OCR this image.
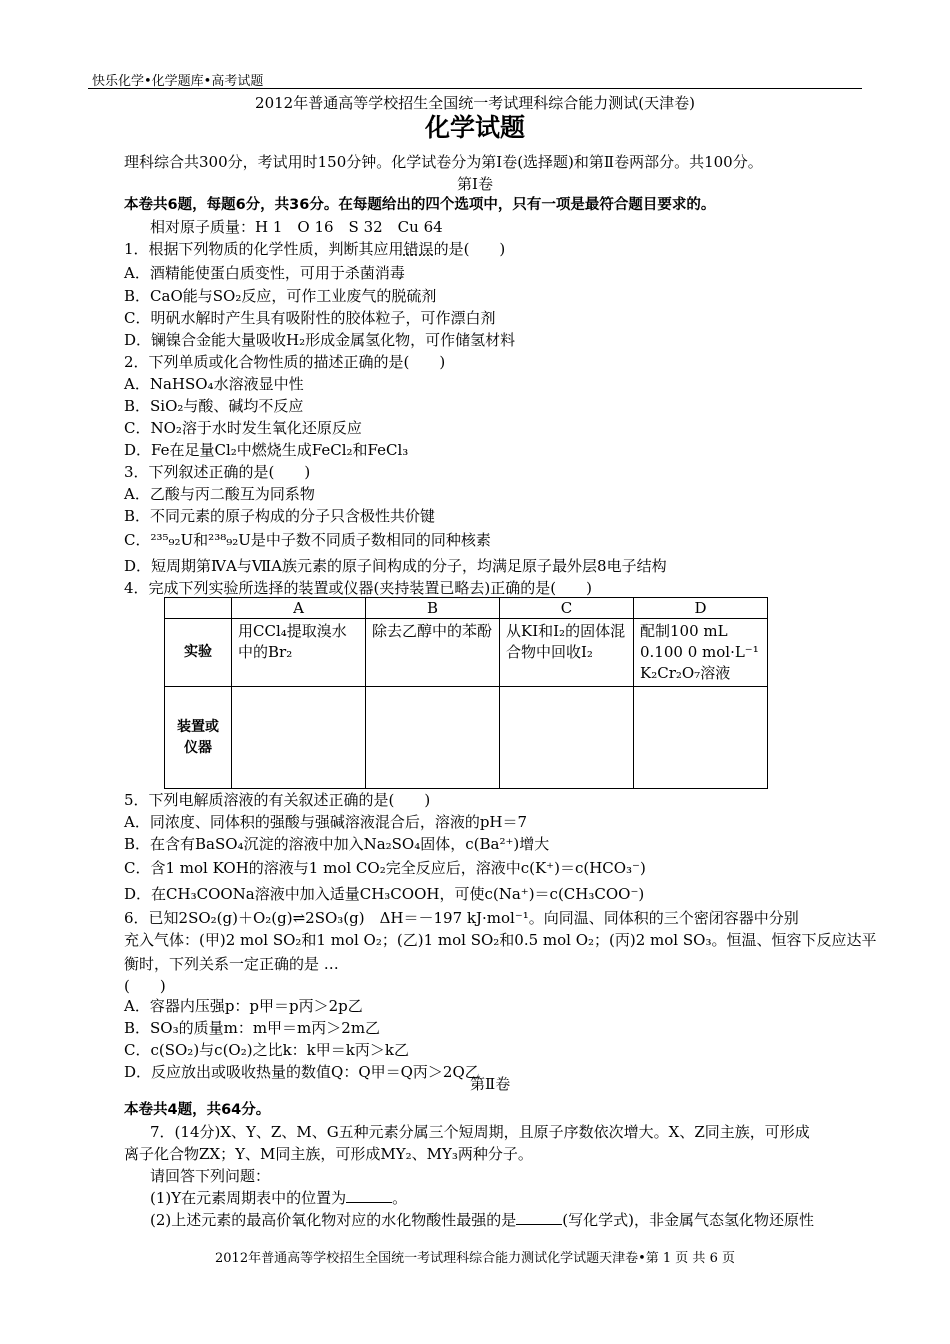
快乐化学•化学题库•高考试题
2012年普通高等学校招生全国统一考试理科综合能力测试(天津卷)
化学试题
理科综合共300分，考试用时150分钟。化学试卷分为第Ⅰ卷(选择题)和第Ⅱ卷两部分。共100分。
第Ⅰ卷
本卷共6题，每题6分，共36分。在每题给出的四个选项中，只有一项是最符合题目要求的。
相对原子质量：H 1　O 16　S 32　Cu 64
1．根据下列物质的化学性质，判断其应用错误的是(　　)
A．酒精能使蛋白质变性，可用于杀菌消毒
B．CaO能与SO₂反应，可作工业废气的脱硫剂
C．明矾水解时产生具有吸附性的胶体粒子，可作漂白剂
D．镧镍合金能大量吸收H₂形成金属氢化物，可作储氢材料
2．下列单质或化合物性质的描述正确的是(　　)
A．NaHSO₄水溶液显中性
B．SiO₂与酸、碱均不反应
C．NO₂溶于水时发生氧化还原反应
D．Fe在足量Cl₂中燃烧生成FeCl₂和FeCl₃
3．下列叙述正确的是(　　)
A．乙酸与丙二酸互为同系物
B．不同元素的原子构成的分子只含极性共价键
C．²³⁵₉₂U和²³⁸₉₂U是中子数不同质子数相同的同种核素
D．短周期第ⅣA与ⅦA族元素的原子间构成的分子，均满足原子最外层8电子结构
4．完成下列实验所选择的装置或仪器(夹持装置已略去)正确的是(　　)
	A	B	C	D
实验	用CCl₄提取溴水中的Br₂	除去乙醇中的苯酚	从KI和I₂的固体混合物中回收I₂	配制100 mL 0.100 0 mol·L⁻¹ K₂Cr₂O₇溶液
装置或仪器				
5．下列电解质溶液的有关叙述正确的是(　　)
A．同浓度、同体积的强酸与强碱溶液混合后，溶液的pH＝7
B．在含有BaSO₄沉淀的溶液中加入Na₂SO₄固体，c(Ba²⁺)增大
C．含1 mol KOH的溶液与1 mol CO₂完全反应后，溶液中c(K⁺)＝c(HCO₃⁻)
D．在CH₃COONa溶液中加入适量CH₃COOH，可使c(Na⁺)＝c(CH₃COO⁻)
6．已知2SO₂(g)＋O₂(g)⇌2SO₃(g)　ΔH＝－197 kJ·mol⁻¹。向同温、同体积的三个密闭容器中分别
充入气体：(甲)2 mol SO₂和1 mol O₂；(乙)1 mol SO₂和0.5 mol O₂；(丙)2 mol SO₃。恒温、恒容下反应达平
衡时，下列关系一定正确的是 …
(　　)
A．容器内压强p：p甲＝p丙＞2p乙
B．SO₃的质量m：m甲＝m丙＞2m乙
C．c(SO₂)与c(O₂)之比k：k甲＝k丙＞k乙
D．反应放出或吸收热量的数值Q：Q甲＝Q丙＞2Q乙
第Ⅱ卷
本卷共4题，共64分。
7．(14分)X、Y、Z、M、G五种元素分属三个短周期，且原子序数依次增大。X、Z同主族，可形成
离子化合物ZX；Y、M同主族，可形成MY₂、MY₃两种分子。
请回答下列问题：
(1)Y在元素周期表中的位置为	。
(2)上述元素的最高价氧化物对应的水化物酸性最强的是	(写化学式)，非金属气态氢化物还原性
2012年普通高等学校招生全国统一考试理科综合能力测试化学试题天津卷•第 1 页 共 6 页
